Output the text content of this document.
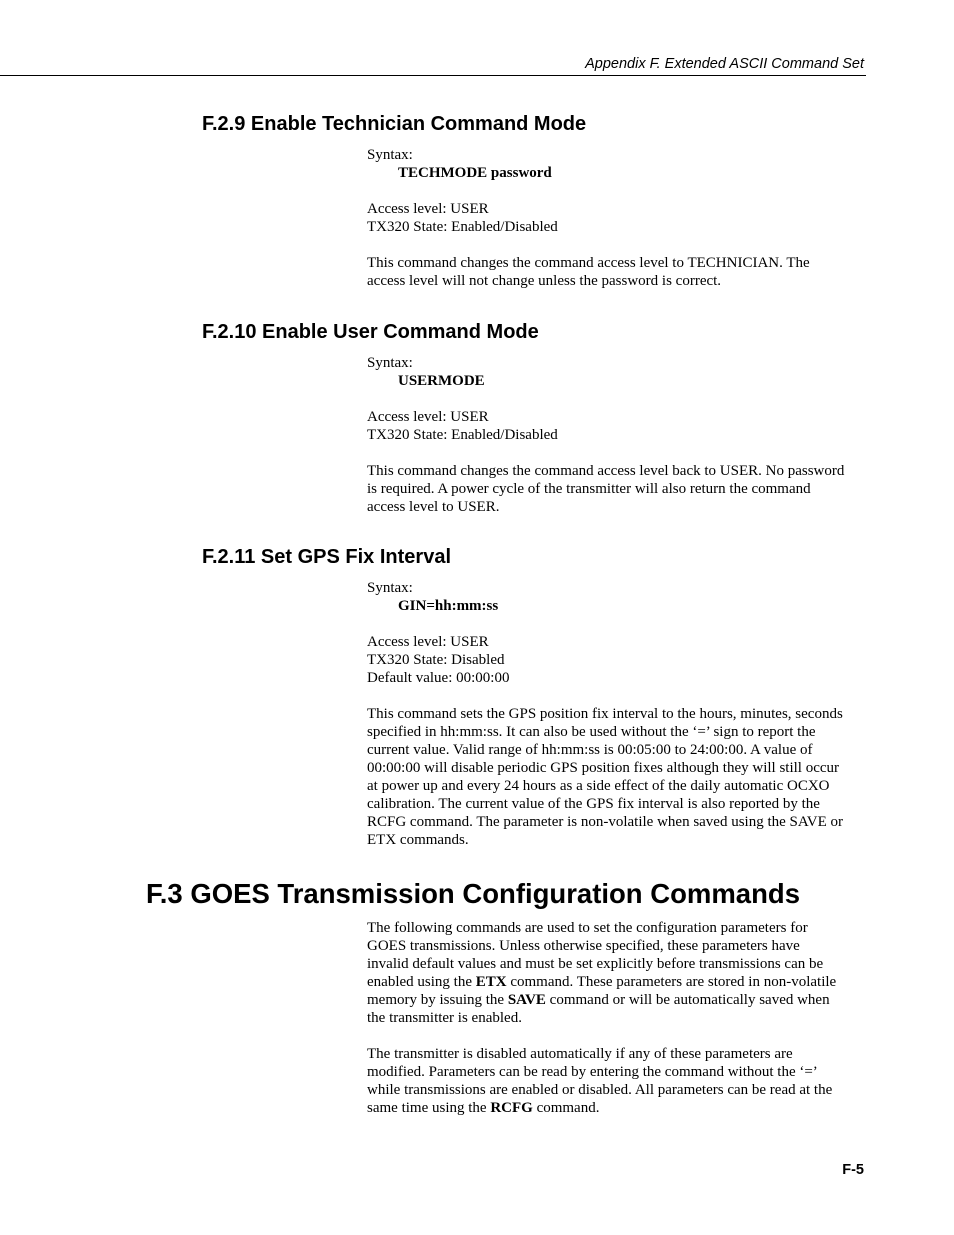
Appendix F. Extended ASCII Command Set
F.2.9 Enable Technician Command Mode
Syntax:
TECHMODE password
Access level: USER
TX320 State: Enabled/Disabled
This command changes the command access level to TECHNICIAN. The
access level will not change unless the password is correct.
F.2.10 Enable User Command Mode
Syntax:
USERMODE
Access level: USER
TX320 State: Enabled/Disabled
This command changes the command access level back to USER. No password
is required. A power cycle of the transmitter will also return the command
access level to USER.
F.2.11 Set GPS Fix Interval
Syntax:
GIN=hh:mm:ss
Access level: USER
TX320 State: Disabled
Default value: 00:00:00
This command sets the GPS position fix interval to the hours, minutes, seconds
specified in hh:mm:ss. It can also be used without the ‘=’ sign to report the
current value. Valid range of hh:mm:ss is 00:05:00 to 24:00:00. A value of
00:00:00 will disable periodic GPS position fixes although they will still occur
at power up and every 24 hours as a side effect of the daily automatic OCXO
calibration. The current value of the GPS fix interval is also reported by the
RCFG command. The parameter is non-volatile when saved using the SAVE or
ETX commands.
F.3 GOES Transmission Configuration Commands
The following commands are used to set the configuration parameters for
GOES transmissions. Unless otherwise specified, these parameters have
invalid default values and must be set explicitly before transmissions can be
enabled using the ETX command. These parameters are stored in non-volatile
memory by issuing the SAVE command or will be automatically saved when
the transmitter is enabled.
The transmitter is disabled automatically if any of these parameters are
modified. Parameters can be read by entering the command without the ‘=’
while transmissions are enabled or disabled. All parameters can be read at the
same time using the RCFG command.
F-5
